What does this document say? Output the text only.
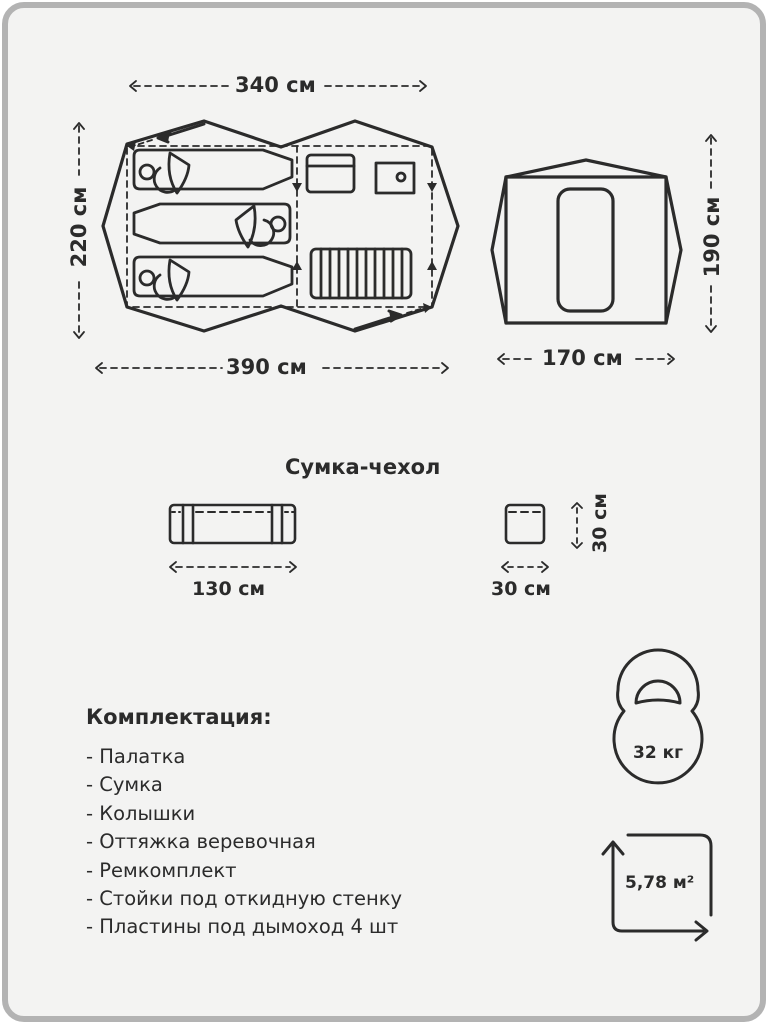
340 см
390 см
220 см
170 см
190 см
Сумка-чехол
130 см	30 см
30 см
Комплектация:
- Палатка
- Сумка
- Колышки
- Оттяжка веревочная
- Ремкомплект
- Стойки под откидную стенку
- Пластины под дымоход 4 шт
32 кг
5,78 м²
